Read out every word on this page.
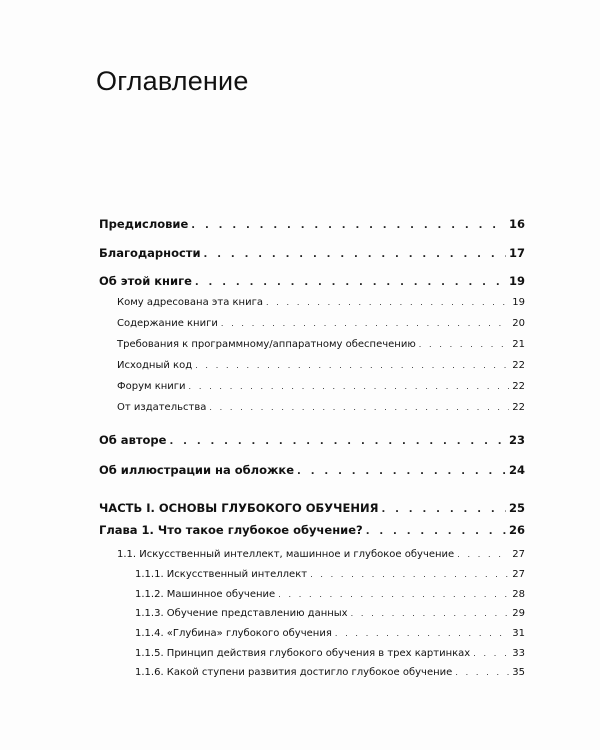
Оглавление
Предисловие . . .	16
Благодарности . . .	17
Об этой книге . . .	19
Кому адресована эта книга . . .	19
Содержание книги . . .	20
Требования к программному/аппаратному обеспечению . . .	21
Исходный код . . .	22
Форум книги . . .	22
От издательства . . .	22
Об авторе . . .	23
Об иллюстрации на обложке . . .	24
ЧАСТЬ I. ОСНОВЫ ГЛУБОКОГО ОБУЧЕНИЯ . . .	25
Глава 1. Что такое глубокое обучение? . . .	26
1.1. Искусственный интеллект, машинное и глубокое обучение . . .	27
1.1.1. Искусственный интеллект . . .	27
1.1.2. Машинное обучение . . .	28
1.1.3. Обучение представлению данных . . .	29
1.1.4. «Глубина» глубокого обучения . . .	31
1.1.5. Принцип действия глубокого обучения в трех картинках . . .	33
1.1.6. Какой ступени развития достигло глубокое обучение . . .	35
